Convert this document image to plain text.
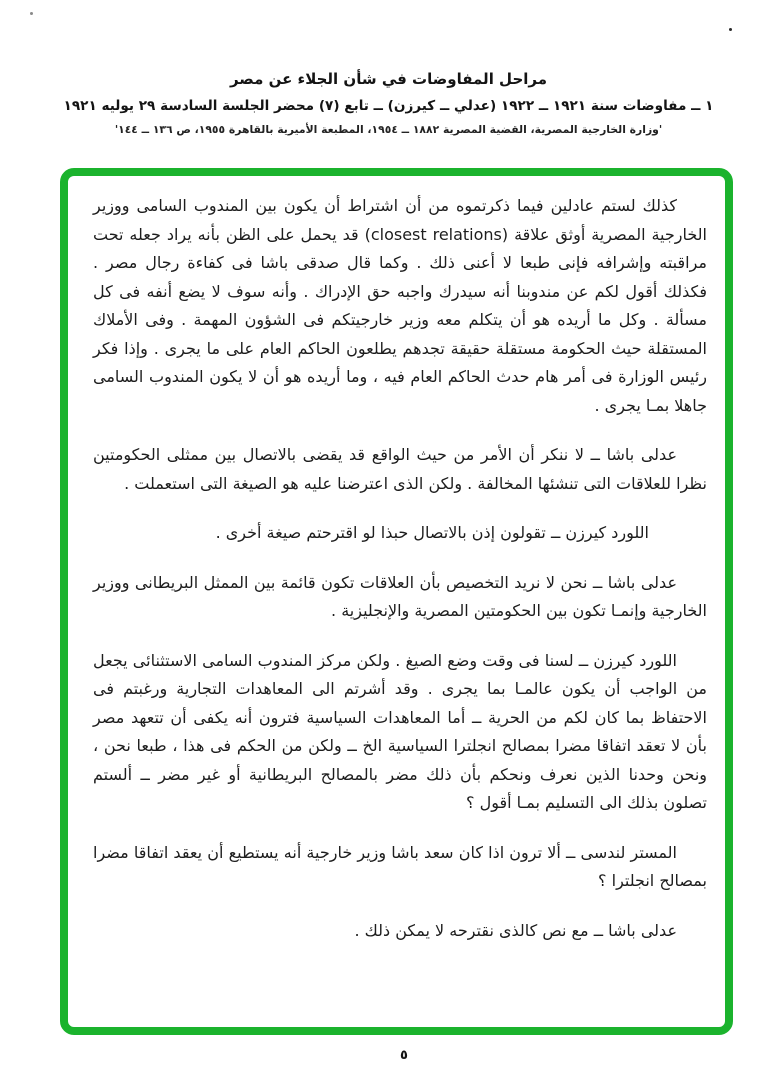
مراحل المفاوضات في شأن الجلاء عن مصر
١ ــ مفاوضات سنة ١٩٢١ ــ ١٩٢٢ (عدلي ــ كيرزن) ــ تابع (٧) محضر الجلسة السادسة ٢٩ يوليه ١٩٢١
'وزارة الخارجية المصرية، القضية المصرية ١٨٨٢ ــ ١٩٥٤، المطبعة الأميرية بالقاهرة ١٩٥٥، ص ١٣٦ ــ ١٤٤'

كذلك لستم عادلين فيما ذكرتموه من أن اشتراط أن يكون بين المندوب السامى ووزير الخارجية المصرية أوثق علاقة (closest relations) قد يحمل على الظن بأنه يراد جعله تحت مراقبته وإشرافه فإنى طبعا لا أعنى ذلك . وكما قال صدقى باشا فى كفاءة رجال مصر . فكذلك أقول لكم عن مندوبنا أنه سيدرك واجبه حق الإدراك . وأنه سوف لا يضع أنفه فى كل مسألة . وكل ما أريده هو أن يتكلم معه وزير خارجيتكم فى الشؤون المهمة . وفى الأملاك المستقلة حيث الحكومة مستقلة حقيقة تجدهم يطلعون الحاكم العام على ما يجرى . وإذا فكر رئيس الوزارة فى أمر هام حدث الحاكم العام فيه ، وما أريده هو أن لا يكون المندوب السامى جاهلا بمـا يجرى .

عدلى باشا ــ لا ننكر أن الأمر من حيث الواقع قد يقضى بالاتصال بين ممثلى الحكومتين نظرا للعلاقات التى تنشئها المخالفة . ولكن الذى اعترضنا عليه هو الصيغة التى استعملت .

اللورد كيرزن ــ تقولون إذن بالاتصال حبذا لو اقترحتم صيغة أخرى .

عدلى باشا ــ نحن لا نريد التخصيص بأن العلاقات تكون قائمة بين الممثل البريطانى ووزير الخارجية وإنمـا تكون بين الحكومتين المصرية والإنجليزية .

اللورد كيرزن ــ لسنا فى وقت وضع الصيغ . ولكن مركز المندوب السامى الاستثنائى يجعل من الواجب أن يكون عالمـا بما يجرى . وقد أشرتم الى المعاهدات التجارية ورغبتم فى الاحتفاظ بما كان لكم من الحرية ــ أما المعاهدات السياسية فترون أنه يكفى أن تتعهد مصر بأن لا تعقد اتفاقا مضرا بمصالح انجلترا السياسية الخ ــ ولكن من الحكم فى هذا ، طبعا نحن ، ونحن وحدنا الذين نعرف ونحكم بأن ذلك مضر بالمصالح البريطانية أو غير مضر ــ ألستم تصلون بذلك الى التسليم بمـا أقول ؟

المستر لندسى ــ ألا ترون اذا كان سعد باشا وزير خارجية أنه يستطيع أن يعقد اتفاقا مضرا بمصالح انجلترا ؟

عدلى باشا ــ مع نص كالذى نقترحه لا يمكن ذلك .

٥
